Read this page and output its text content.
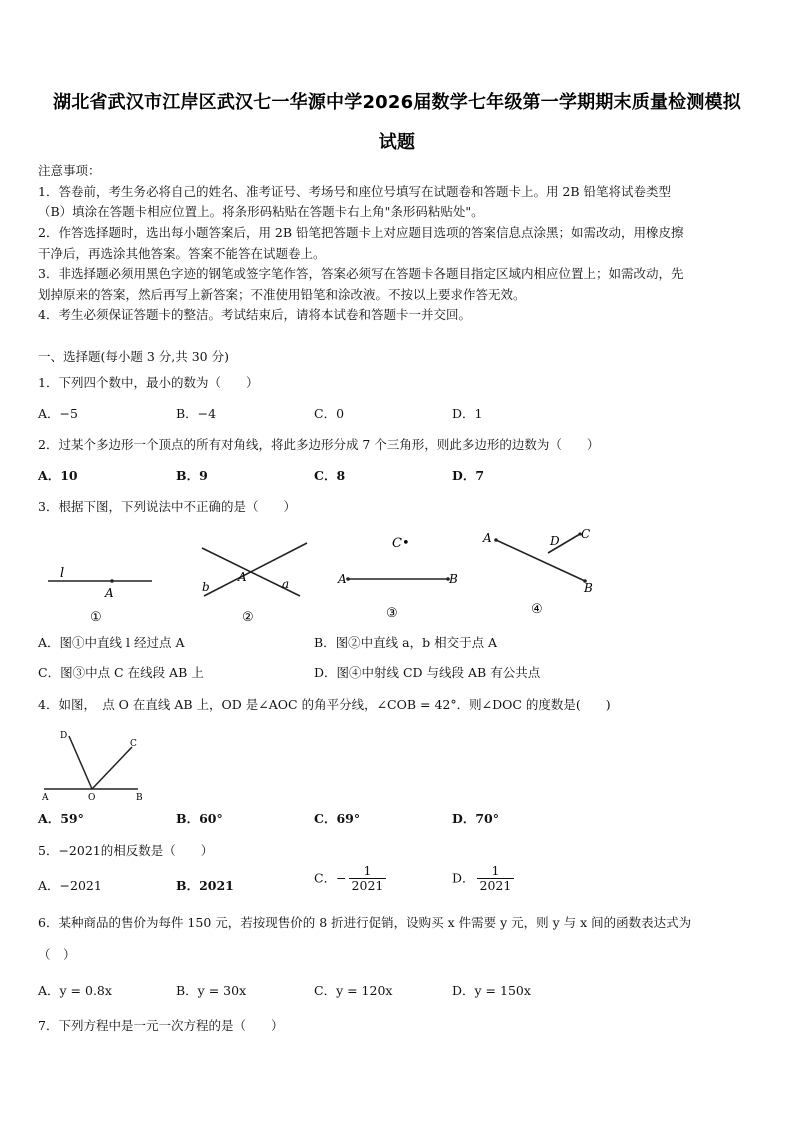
湖北省武汉市江岸区武汉七一华源中学2026届数学七年级第一学期期末质量检测模拟
试题
注意事项：
1．答卷前，考生务必将自己的姓名、准考证号、考场号和座位号填写在试题卷和答题卡上。用 2B 铅笔将试卷类型
（B）填涂在答题卡相应位置上。将条形码粘贴在答题卡右上角"条形码粘贴处"。
2．作答选择题时，选出每小题答案后，用 2B 铅笔把答题卡上对应题目选项的答案信息点涂黑；如需改动，用橡皮擦
干净后，再选涂其他答案。答案不能答在试题卷上。
3．非选择题必须用黑色字迹的钢笔或签字笔作答，答案必须写在答题卡各题目指定区域内相应位置上；如需改动，先
划掉原来的答案，然后再写上新答案；不准使用铅笔和涂改液。不按以上要求作答无效。
4．考生必须保证答题卡的整洁。考试结束后，请将本试卷和答题卡一并交回。
一、选择题(每小题 3 分,共 30 分)
1．下列四个数中，最小的数为（　　）
A．−5	B．−4	C．0	D．1
2．过某个多边形一个顶点的所有对角线，将此多边形分成 7 个三角形，则此多边形的边数为（　　）
A．10	B．9	C．8	D．7
3．根据下图，下列说法中不正确的是（　　）
l
A
①
b
A	a
②
C•
A	B
③
A	D C
B
④
A．图①中直线 l 经过点 A	B．图②中直线 a，b 相交于点 A
C．图③中点 C 在线段 AB 上	D．图④中射线 CD 与线段 AB 有公共点
4．如图，　点 O 在直线 AB 上，OD 是∠AOC 的角平分线，∠COB = 42°．则∠DOC 的度数是(　　)
D
C
A	O	B
A．59°	B．60°	C．69°	D．70°
5．−2021的相反数是（　　）
A．−2021	B．2021	C．− $\frac{1}{2021}$	D． $\frac{1}{2021}$
6．某种商品的售价为每件 150 元，若按现售价的 8 折进行促销，设购买 x 件需要 y 元，则 y 与 x 间的函数表达式为
（　）
A．y = 0.8x	B．y = 30x	C．y = 120x	D．y = 150x
7．下列方程中是一元一次方程的是（　　）
